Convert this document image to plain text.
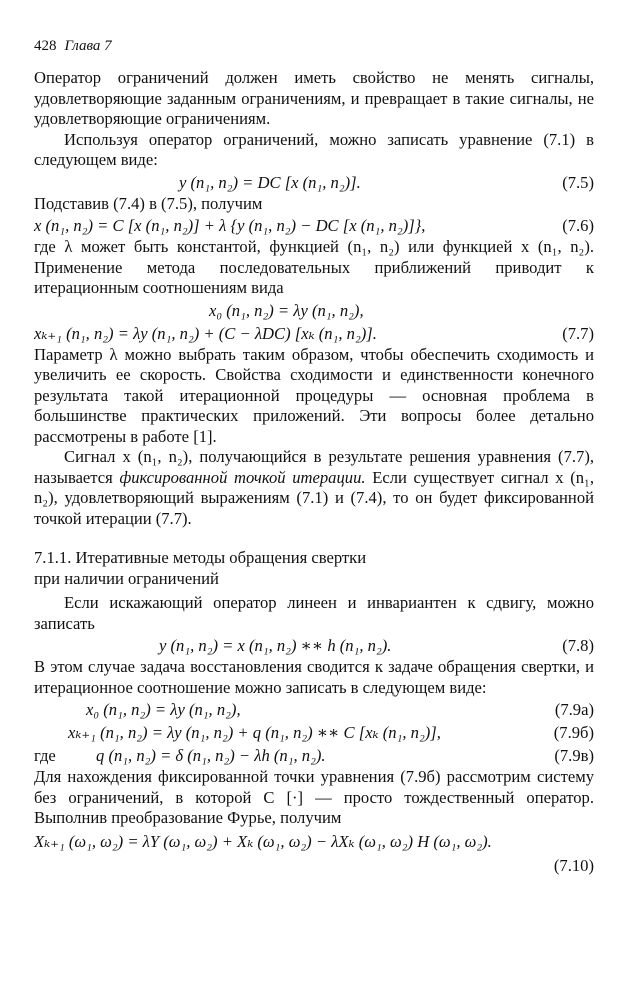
428 Глава 7

Оператор ограничений должен иметь свойство не менять сигналы, удовлетворяющие заданным ограничениям, и превращает в такие сигналы, не удовлетворяющие ограничениям.

Используя оператор ограничений, можно записать уравнение (7.1) в следующем виде:

y (n₁, n₂) = DC [x (n₁, n₂)].	(7.5)

Подставив (7.4) в (7.5), получим

x (n₁, n₂) = C [x (n₁, n₂)] + λ {y (n₁, n₂) − DC [x (n₁, n₂)]},	(7.6)

где λ может быть константой, функцией (n₁, n₂) или функцией x (n₁, n₂). Применение метода последовательных приближений приводит к итерационным соотношениям вида

x₀ (n₁, n₂) = λy (n₁, n₂),
xₖ₊₁ (n₁, n₂) = λy (n₁, n₂) + (C − λDC) [xₖ (n₁, n₂)].	(7.7)

Параметр λ можно выбрать таким образом, чтобы обеспечить сходимость и увеличить ее скорость. Свойства сходимости и единственности конечного результата такой итерационной процедуры — основная проблема в большинстве практических приложений. Эти вопросы более детально рассмотрены в работе [1].

Сигнал x (n₁, n₂), получающийся в результате решения уравнения (7.7), называется фиксированной точкой итерации. Если существует сигнал x (n₁, n₂), удовлетворяющий выражениям (7.1) и (7.4), то он будет фиксированной точкой итерации (7.7).

7.1.1. Итеративные методы обращения свертки
при наличии ограничений

Если искажающий оператор линеен и инвариантен к сдвигу, можно записать

y (n₁, n₂) = x (n₁, n₂) ∗∗ h (n₁, n₂).	(7.8)

В этом случае задача восстановления сводится к задаче обращения свертки, и итерационное соотношение можно записать в следующем виде:

x₀ (n₁, n₂) = λy (n₁, n₂),	(7.9а)
xₖ₊₁ (n₁, n₂) = λy (n₁, n₂) + q (n₁, n₂) ∗∗ C [xₖ (n₁, n₂)],	(7.9б)
где q (n₁, n₂) = δ (n₁, n₂) − λh (n₁, n₂).	(7.9в)

Для нахождения фиксированной точки уравнения (7.9б) рассмотрим систему без ограничений, в которой C [·] — просто тождественный оператор. Выполнив преобразование Фурье, получим

Xₖ₊₁ (ω₁, ω₂) = λY (ω₁, ω₂) + Xₖ (ω₁, ω₂) − λXₖ (ω₁, ω₂) H (ω₁, ω₂).
(7.10)
